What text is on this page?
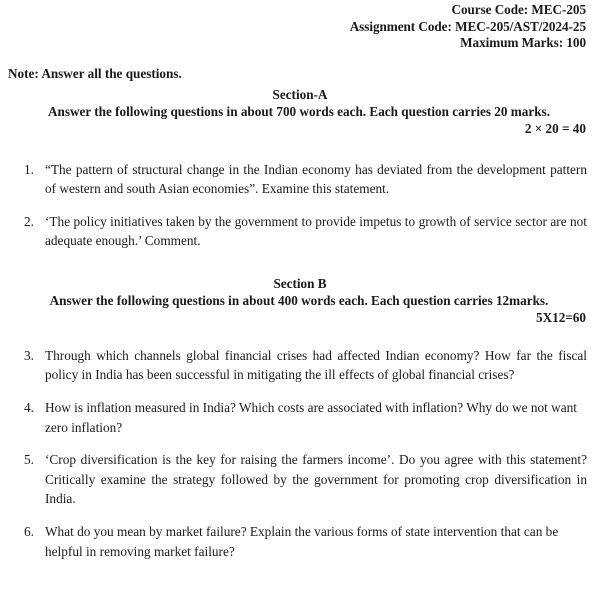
Course Code: MEC-205
Assignment Code: MEC-205/AST/2024-25
Maximum Marks: 100
Note: Answer all the questions.
Section-A
Answer the following questions in about 700 words each. Each question carries 20 marks.
2 × 20 = 40
1. “The pattern of structural change in the Indian economy has deviated from the development pattern of western and south Asian economies”. Examine this statement.
2. ‘The policy initiatives taken by the government to provide impetus to growth of service sector are not adequate enough.’ Comment.
Section B
Answer the following questions in about 400 words each. Each question carries 12marks.
5X12=60
3. Through which channels global financial crises had affected Indian economy? How far the fiscal policy in India has been successful in mitigating the ill effects of global financial crises?
4. How is inflation measured in India? Which costs are associated with inflation? Why do we not want zero inflation?
5. ‘Crop diversification is the key for raising the farmers income’. Do you agree with this statement? Critically examine the strategy followed by the government for promoting crop diversification in India.
6. What do you mean by market failure? Explain the various forms of state intervention that can be helpful in removing market failure?
